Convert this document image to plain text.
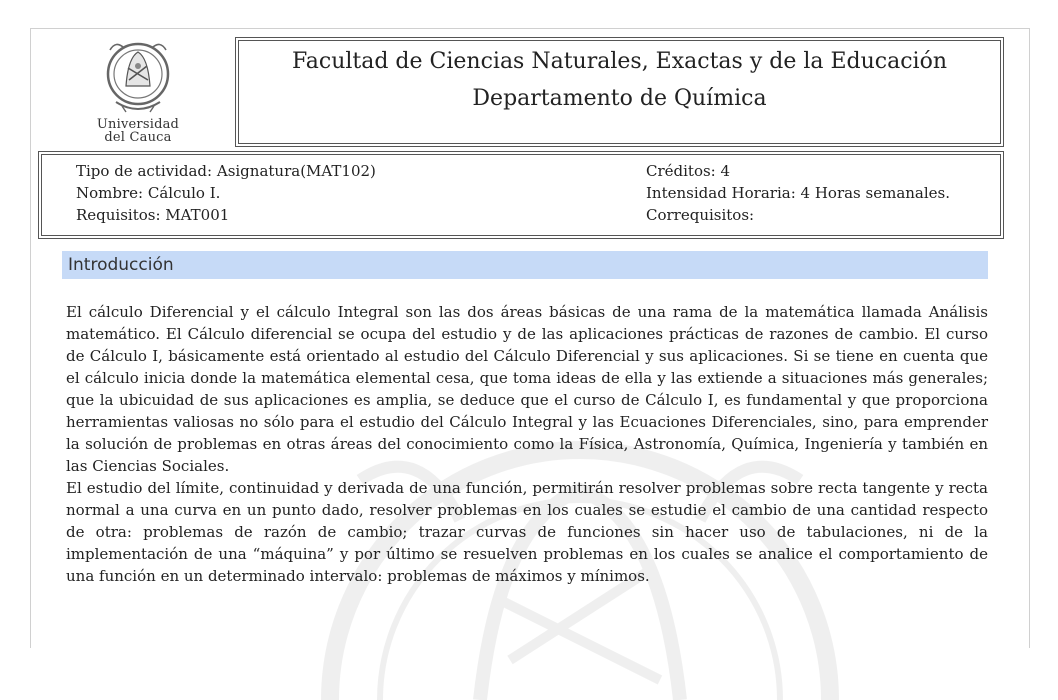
Universidad
del Cauca
Facultad de Ciencias Naturales, Exactas y de la Educación
Departamento de Química
Tipo de actividad: Asignatura(MAT102)
Nombre: Cálculo I.
Requisitos: MAT001
Créditos: 4
Intensidad Horaria: 4 Horas semanales.
Correquisitos:
Introducción

El cálculo Diferencial y el cálculo Integral son las dos áreas básicas de una rama de la matemática llamada Análisis matemático. El Cálculo diferencial se ocupa del estudio y de las aplicaciones prácticas de razones de cambio. El curso de Cálculo I, básicamente está orientado al estudio del Cálculo Diferencial y sus aplicaciones. Si se tiene en cuenta que el cálculo inicia donde la matemática elemental cesa, que toma ideas de ella y las extiende a situaciones más generales; que la ubicuidad de sus aplicaciones es amplia, se deduce que el curso de Cálculo I, es fundamental y que proporciona herramientas valiosas no sólo para el estudio del Cálculo Integral y las Ecuaciones Diferenciales, sino, para emprender la solución de problemas en otras áreas del conocimiento como la Física, Astronomía, Química, Ingeniería y también en las Ciencias Sociales.

El estudio del límite, continuidad y derivada de una función, permitirán resolver problemas sobre recta tangente y recta normal a una curva en un punto dado, resolver problemas en los cuales se estudie el cambio de una cantidad respecto de otra: problemas de razón de cambio; trazar curvas de funciones sin hacer uso de tabulaciones, ni de la implementación de una “máquina” y por último se resuelven problemas en los cuales se analice el comportamiento de una función en un determinado intervalo: problemas de máximos y mínimos.
